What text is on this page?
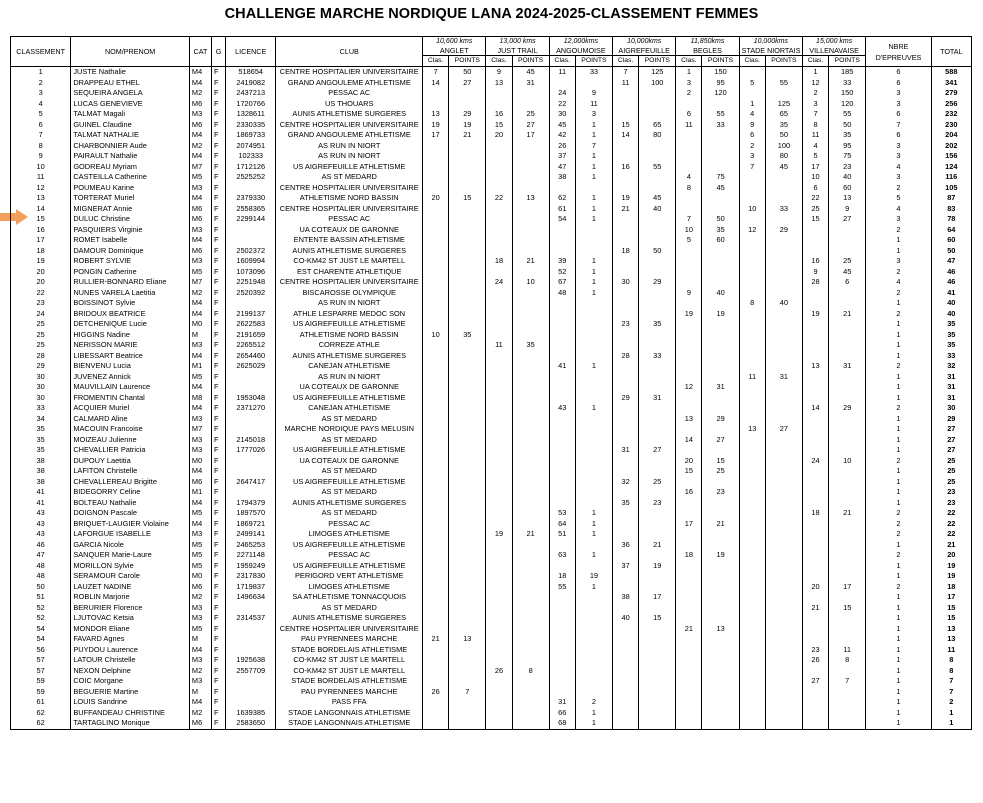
CHALLENGE MARCHE NORDIQUE LANA 2024-2025-CLASSEMENT FEMMES
CLASSEMENT	NOM/PRENOM	CAT	G	LICENCE	CLUB	10,600 kms		13,000 kms		12,000kms		10,000kms		11,850kms		10,000kms		15,000 kms		NBRE
D'EPREUVES	TOTAL
						ANGLET		JUST TRAIL		ANGOUMOISE		AIGREFEUILLE		BEGLES		STADE NIORTAIS		VILLENAVAISE			
						Clas.	POINTS	Clas.	POINTS	Clas.	POINTS	Clas.	POINTS	Clas.	POINTS	Clas.	POINTS	Clas.	POINTS		
1	JUSTE Nathalie	M4	F	518654	CENTRE HOSPITALIER UNIVERSITAIRE	7	50	9	45	11	33	7	125	1	150			1	185	6	588
2	DRAPPEAU ETHEL	M4	F	2419082	GRAND ANGOULEME ATHLETISME	14	27	13	31			11	100	3	95	5	55	12	33	6	341
3	SEQUEIRA ANGELA	M2	F	2437213	PESSAC AC					24	9			2	120			2	150	3	279
4	LUCAS GENEVIEVE	M6	F	1720766	US THOUARS					22	11					1	125	3	120	3	256
5	TALMAT Magali	M3	F	1328611	AUNIS ATHLETISME SURGERES	13	29	16	25	30	3			6	55	4	65	7	55	6	232
6	GUINEL Claudine	M6	F	2330335	CENTRE HOSPITALIER UNIVERSITAIRE	19	19	15	27	45	1	15	65	11	33	9	35	8	50	7	230
7	TALMAT NATHALIE	M4	F	1869733	GRAND ANGOULEME ATHLETISME	17	21	20	17	42	1	14	80			6	50	11	35	6	204
8	CHARBONNIER Aude	M2	F	2074951	AS RUN IN NIORT					26	7					2	100	4	95	3	202
9	PAIRAULT Nathalie	M4	F	102333	AS RUN IN NIORT					37	1					3	80	5	75	3	156
10	GODREAU Myriam	M7	F	1712126	US AIGREFEUILLE ATHLETISME					47	1	16	55			7	45	17	23	4	124
11	CASTEILLA Catherine	M5	F	2525252	AS ST MEDARD					38	1			4	75			10	40	3	116
12	POUMEAU Karine	M3	F		CENTRE HOSPITALIER UNIVERSITAIRE									8	45			6	60	2	105
13	TORTERAT Muriel	M4	F	2379330	ATHLETISME NORD BASSIN	20	15	22	13	62	1	19	45					22	13	5	87
14	MIGNERAT Annie	M6	F	2558365	CENTRE HOSPITALIER UNIVERSITAIRE					61	1	21	40			10	33	25	9	4	83
15	DULUC Christine	M6	F	2299144	PESSAC AC					54	1			7	50			15	27	3	78
16	PASQUIERS Virginie	M3	F		UA COTEAUX DE GARONNE									10	35	12	29			2	64
17	ROMET Isabelle	M4	F		ENTENTE BASSIN ATHLETISME									5	60					1	60
18	DAMOUR Dominique	M6	F	2502372	AUNIS ATHLETISME SURGERES							18	50							1	50
19	ROBERT SYLVIE	M3	F	1609994	CO-KM42 ST JUST LE MARTELL			18	21	39	1							16	25	3	47
20	PONGIN Catherine	M5	F	1073096	EST CHARENTE ATHLETIQUE					52	1							9	45	2	46
20	RULLIER-BONNARD Eliane	M7	F	2251948	CENTRE HOSPITALIER UNIVERSITAIRE			24	10	67	1	30	29					28	6	4	46
22	NUNES VARELA Laetitia	M2	F	2520392	BISCAROSSE OLYMPIQUE					48	1			9	40					2	41
23	BOISSINOT Sylvie	M4	F		AS RUN IN NIORT											8	40			1	40
24	BRIDOUX BEATRICE	M4	F	2199137	ATHLE LESPARRE MEDOC SON									19	19			19	21	2	40
25	DETCHENIQUE Lucie	M0	F	2622583	US AIGREFEUILLE ATHLETISME							23	35							1	35
25	HIGGINS Nadine	M	F	2191659	ATHLETISME NORD BASSIN	10	35													1	35
25	NERISSON MARIE	M3	F	2265512	CORREZE ATHLE			11	35											1	35
28	LIBESSART Beatrice	M4	F	2654460	AUNIS ATHLETISME SURGERES							28	33							1	33
29	BIENVENU Lucia	M1	F	2625029	CANEJAN ATHLETISME					41	1							13	31	2	32
30	JUVENEZ Annick	M5	F		AS RUN IN NIORT											11	31			1	31
30	MAUVILLAIN Laurence	M4	F		UA COTEAUX DE GARONNE									12	31					1	31
30	FROMENTIN Chantal	M8	F	1953048	US AIGREFEUILLE ATHLETISME							29	31							1	31
33	ACQUIER Muriel	M4	F	2371270	CANEJAN ATHLETISME					43	1							14	29	2	30
34	CALMARD Aline	M3	F		AS ST MEDARD									13	29					1	29
35	MACOUIN Francoise	M7	F		MARCHE NORDIQUE PAYS MELUSIN											13	27			1	27
35	MOIZEAU Julienne	M3	F	2145018	AS ST MEDARD									14	27					1	27
35	CHEVALLIER Patricia	M3	F	1777026	US AIGREFEUILLE ATHLETISME							31	27							1	27
38	DUPOUY Laetitia	M0	F		UA COTEAUX DE GARONNE									20	15			24	10	2	25
38	LAFITON Christelle	M4	F		AS ST MEDARD									15	25					1	25
38	CHEVALLEREAU Brigitte	M6	F	2647417	US AIGREFEUILLE ATHLETISME							32	25							1	25
41	BIDEGORRY Celine	M1	F		AS ST MEDARD									16	23					1	23
41	BOLTEAU Nathalie	M4	F	1794379	AUNIS ATHLETISME SURGERES							35	23							1	23
43	DOIGNON Pascale	M5	F	1897570	AS ST MEDARD					53	1							18	21	2	22
43	BRIQUET-LAUGIER Violaine	M4	F	1869721	PESSAC AC					64	1			17	21					2	22
43	LAFORGUE ISABELLE	M3	F	2499141	LIMOGES ATHLETISME			19	21	51	1									2	22
46	GARCIA Nicole	M5	F	2465253	US AIGREFEUILLE ATHLETISME							36	21							1	21
47	SANQUER Marie-Laure	M5	F	2271148	PESSAC AC					63	1			18	19					2	20
48	MORILLON Sylvie	M5	F	1959249	US AIGREFEUILLE ATHLETISME							37	19							1	19
48	SERAMOUR Carole	M0	F	2317830	PERIGORD VERT ATHLETISME					18	19									1	19
50	LAUZET NADINE	M6	F	1719837	LIMOGES ATHLETISME					55	1							20	17	2	18
51	ROBLIN Marjorie	M2	F	1496634	SA ATHLETISME TONNACQUOIS							38	17							1	17
52	BERURIER Florence	M3	F		AS ST MEDARD													21	15	1	15
52	LJUTOVAC Ketsia	M3	F	2314537	AUNIS ATHLETISME SURGERES							40	15							1	15
54	MONDOR Eliane	M5	F		CENTRE HOSPITALIER UNIVERSITAIRE									21	13					1	13
54	FAVARD Agnes	M	F		PAU PYRENNEES MARCHE	21	13													1	13
56	PUYDOU Laurence	M4	F		STADE BORDELAIS ATHLETISME													23	11	1	11
57	LATOUR Christelle	M3	F	1925638	CO-KM42 ST JUST LE MARTELL													26	8	1	8
57	NEXON Delphine	M2	F	2557709	CO-KM42 ST JUST LE MARTELL			26	8											1	8
59	COIC Morgane	M3	F		STADE BORDELAIS ATHLETISME													27	7	1	7
59	BEGUERIE Martine	M	F		PAU PYRENNEES MARCHE	26	7													1	7
61	LOUIS Sandrine	M4	F		PASS FFA					31	2									1	2
62	BUFFANDEAU CHRISTINE	M2	F	1639385	STADE LANGONNAIS ATHLETISME					66	1									1	1
62	TARTAGLINO Monique	M6	F	2583650	STADE LANGONNAIS ATHLETISME					68	1									1	1
